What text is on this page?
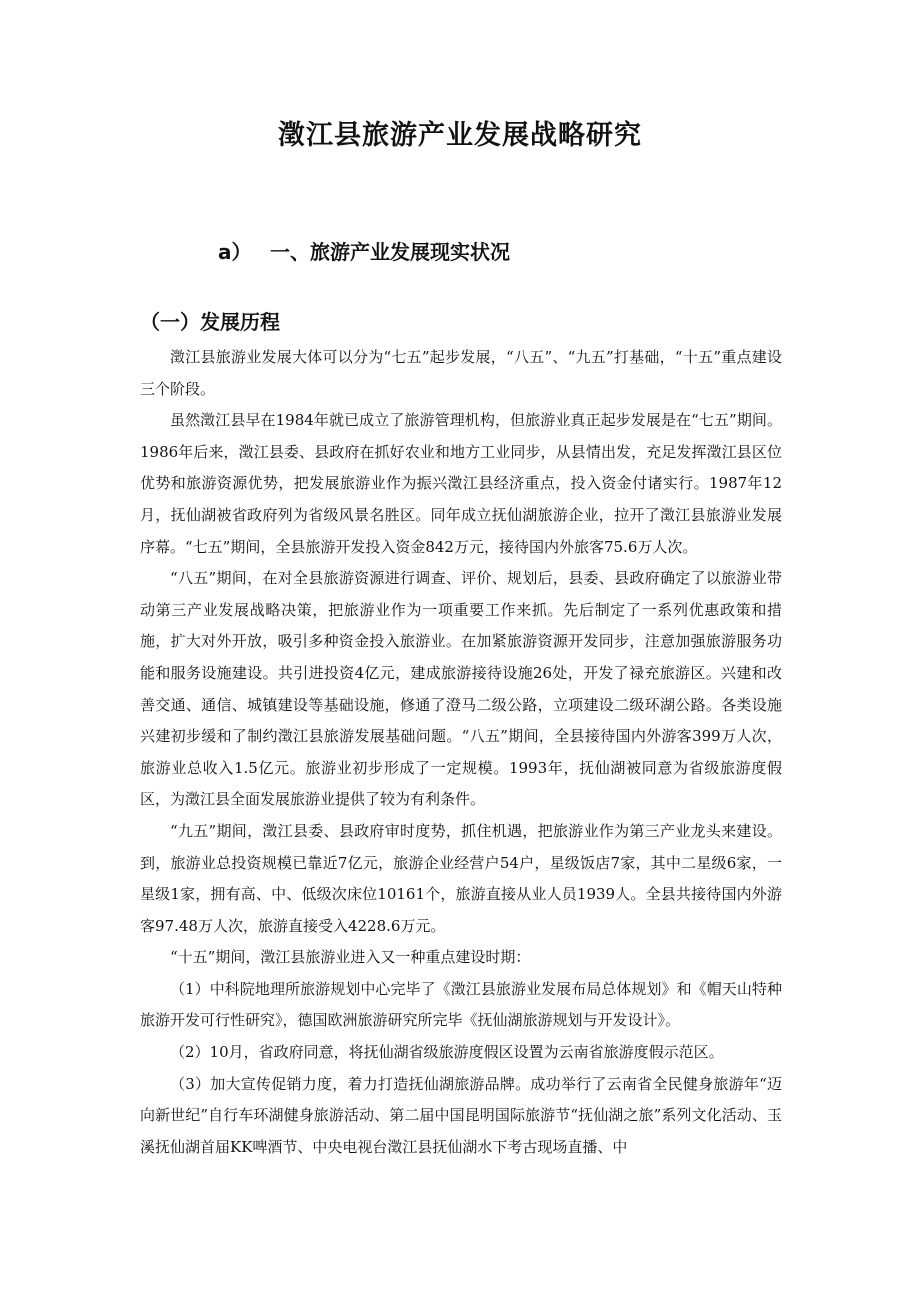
澂江县旅游产业发展战略研究
a） 一、旅游产业发展现实状况
（一）发展历程

澂江县旅游业发展大体可以分为“七五”起步发展，“八五”、“九五”打基础，“十五”重点建设三个阶段。

虽然澂江县早在1984年就已成立了旅游管理机构，但旅游业真正起步发展是在“七五”期间。1986年后来，澂江县委、县政府在抓好农业和地方工业同步，从县情出发，充足发挥澂江县区位优势和旅游资源优势，把发展旅游业作为振兴澂江县经济重点，投入资金付诸实行。1987年12月，抚仙湖被省政府列为省级风景名胜区。同年成立抚仙湖旅游企业，拉开了澂江县旅游业发展序幕。“七五”期间，全县旅游开发投入资金842万元，接待国内外旅客75.6万人次。

“八五”期间，在对全县旅游资源进行调查、评价、规划后，县委、县政府确定了以旅游业带动第三产业发展战略决策，把旅游业作为一项重要工作来抓。先后制定了一系列优惠政策和措施，扩大对外开放，吸引多种资金投入旅游业。在加紧旅游资源开发同步，注意加强旅游服务功能和服务设施建设。共引进投资4亿元，建成旅游接待设施26处，开发了禄充旅游区。兴建和改善交通、通信、城镇建设等基础设施，修通了澄马二级公路，立项建设二级环湖公路。各类设施兴建初步缓和了制约澂江县旅游发展基础问题。“八五”期间，全县接待国内外游客399万人次，旅游业总收入1.5亿元。旅游业初步形成了一定规模。1993年，抚仙湖被同意为省级旅游度假区，为澂江县全面发展旅游业提供了较为有利条件。

“九五”期间，澂江县委、县政府审时度势，抓住机遇，把旅游业作为第三产业龙头来建设。到，旅游业总投资规模已靠近7亿元，旅游企业经营户54户，星级饭店7家，其中二星级6家，一星级1家，拥有高、中、低级次床位10161个，旅游直接从业人员1939人。全县共接待国内外游客97.48万人次，旅游直接受入4228.6万元。

“十五”期间，澂江县旅游业进入又一种重点建设时期：

（1）中科院地理所旅游规划中心完毕了《澂江县旅游业发展布局总体规划》和《帽天山特种旅游开发可行性研究》，德国欧洲旅游研究所完毕《抚仙湖旅游规划与开发设计》。

（2）10月，省政府同意，将抚仙湖省级旅游度假区设置为云南省旅游度假示范区。

（3）加大宣传促销力度，着力打造抚仙湖旅游品牌。成功举行了云南省全民健身旅游年“迈向新世纪”自行车环湖健身旅游活动、第二届中国昆明国际旅游节“抚仙湖之旅”系列文化活动、玉溪抚仙湖首届KK啤酒节、中央电视台澂江县抚仙湖水下考古现场直播、中
